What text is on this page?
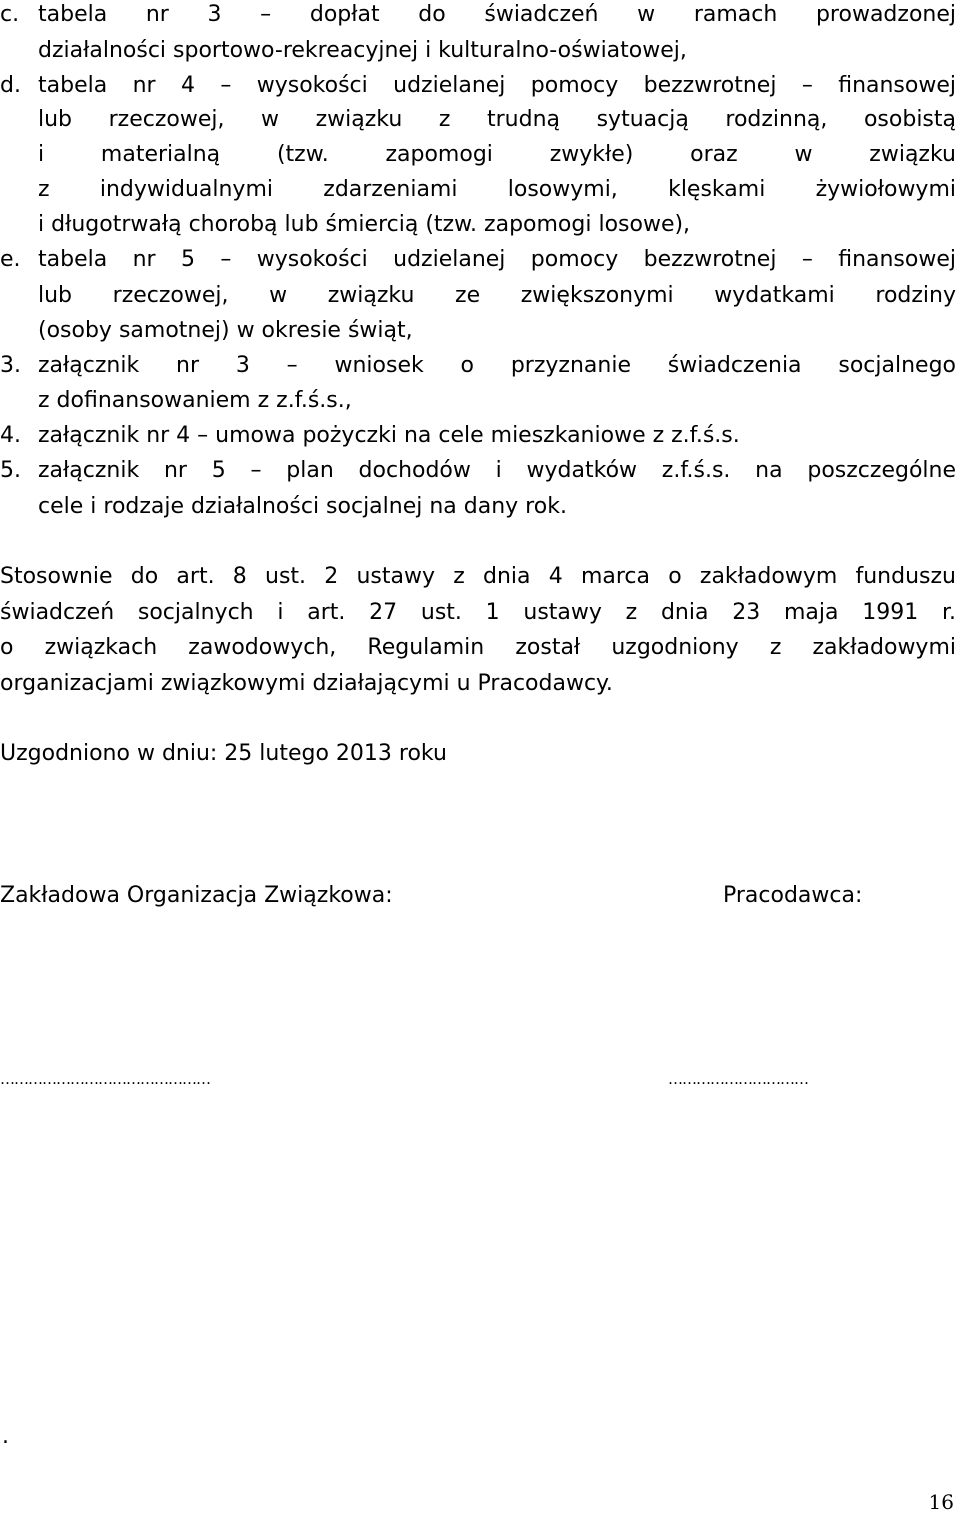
c. tabela nr 3 – dopłat do świadczeń w ramach prowadzonej
działalności sportowo-rekreacyjnej i kulturalno-oświatowej,
d. tabela nr 4 – wysokości udzielanej pomocy bezzwrotnej – finansowej
lub rzeczowej, w związku z trudną sytuacją rodzinną, osobistą
i materialną (tzw. zapomogi zwykłe) oraz w związku
z indywidualnymi zdarzeniami losowymi, klęskami żywiołowymi
i długotrwałą chorobą lub śmiercią (tzw. zapomogi losowe),
e. tabela nr 5 – wysokości udzielanej pomocy bezzwrotnej – finansowej
lub rzeczowej, w związku ze zwiększonymi wydatkami rodziny
(osoby samotnej) w okresie świąt,
3. załącznik nr 3 – wniosek o przyznanie świadczenia socjalnego
z dofinansowaniem z z.f.ś.s.,
4. załącznik nr 4 – umowa pożyczki na cele mieszkaniowe z z.f.ś.s.
5. załącznik nr 5 – plan dochodów i wydatków z.f.ś.s. na poszczególne
cele i rodzaje działalności socjalnej na dany rok.
Stosownie do art. 8 ust. 2 ustawy z dnia 4 marca o zakładowym funduszu
świadczeń socjalnych i art. 27 ust. 1 ustawy z dnia 23 maja 1991 r.
o związkach zawodowych, Regulamin został uzgodniony z zakładowymi
organizacjami związkowymi działającymi u Pracodawcy.
Uzgodniono w dniu: 25 lutego 2013 roku
Zakładowa Organizacja Związkowa:	Pracodawca:
………………………………………	…………………………
.
16
